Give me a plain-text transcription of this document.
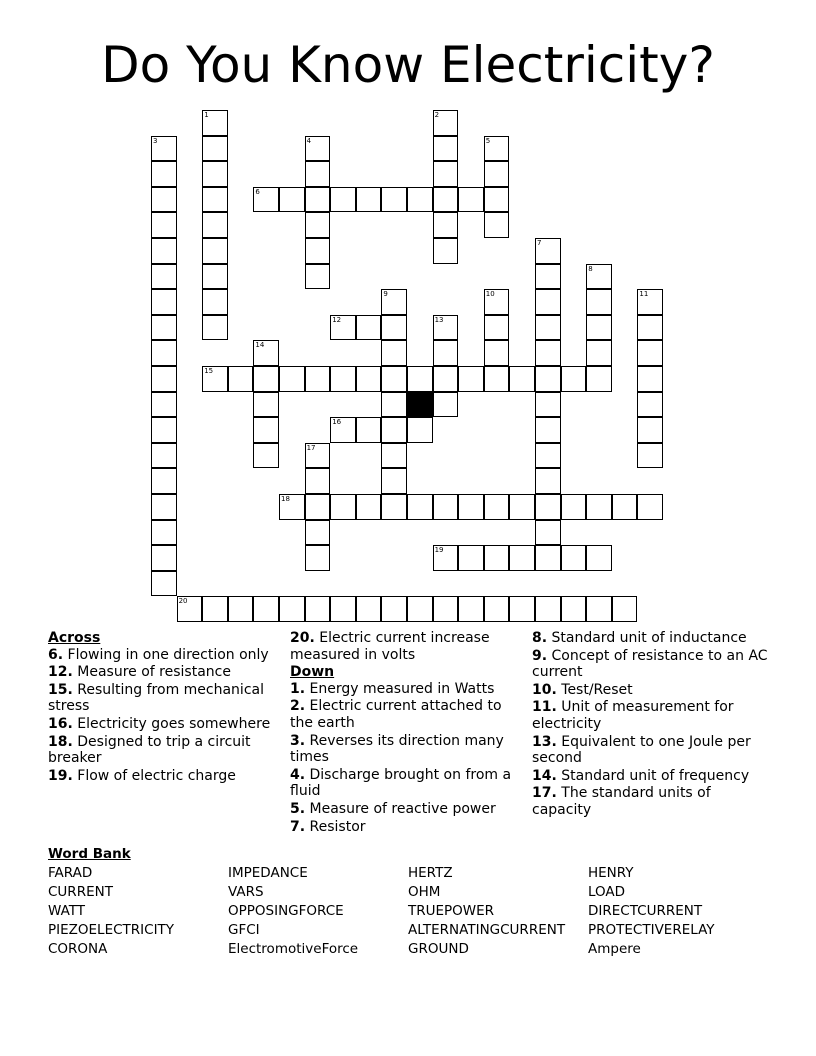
Do You Know Electricity?
1	2
3	4	5
6
7
8
9	10	11
12	13
14
15
16
17
18
19
20
Across
6. Flowing in one direction only
12. Measure of resistance
15. Resulting from mechanical stress
16. Electricity goes somewhere
18. Designed to trip a circuit breaker
19. Flow of electric charge
20. Electric current increase measured in volts
Down
1. Energy measured in Watts
2. Electric current attached to the earth
3. Reverses its direction many times
4. Discharge brought on from a fluid
5. Measure of reactive power
7. Resistor
8. Standard unit of inductance
9. Concept of resistance to an AC current
10. Test/Reset
11. Unit of measurement for electricity
13. Equivalent to one Joule per second
14. Standard unit of frequency
17. The standard units of capacity
Word Bank
FARAD	IMPEDANCE	HERTZ	HENRY
CURRENT	VARS	OHM	LOAD
WATT	OPPOSINGFORCE	TRUEPOWER	DIRECTCURRENT
PIEZOELECTRICITY	GFCI	ALTERNATINGCURRENT PROTECTIVERELAY
CORONA	ElectromotiveForce	GROUND	Ampere
